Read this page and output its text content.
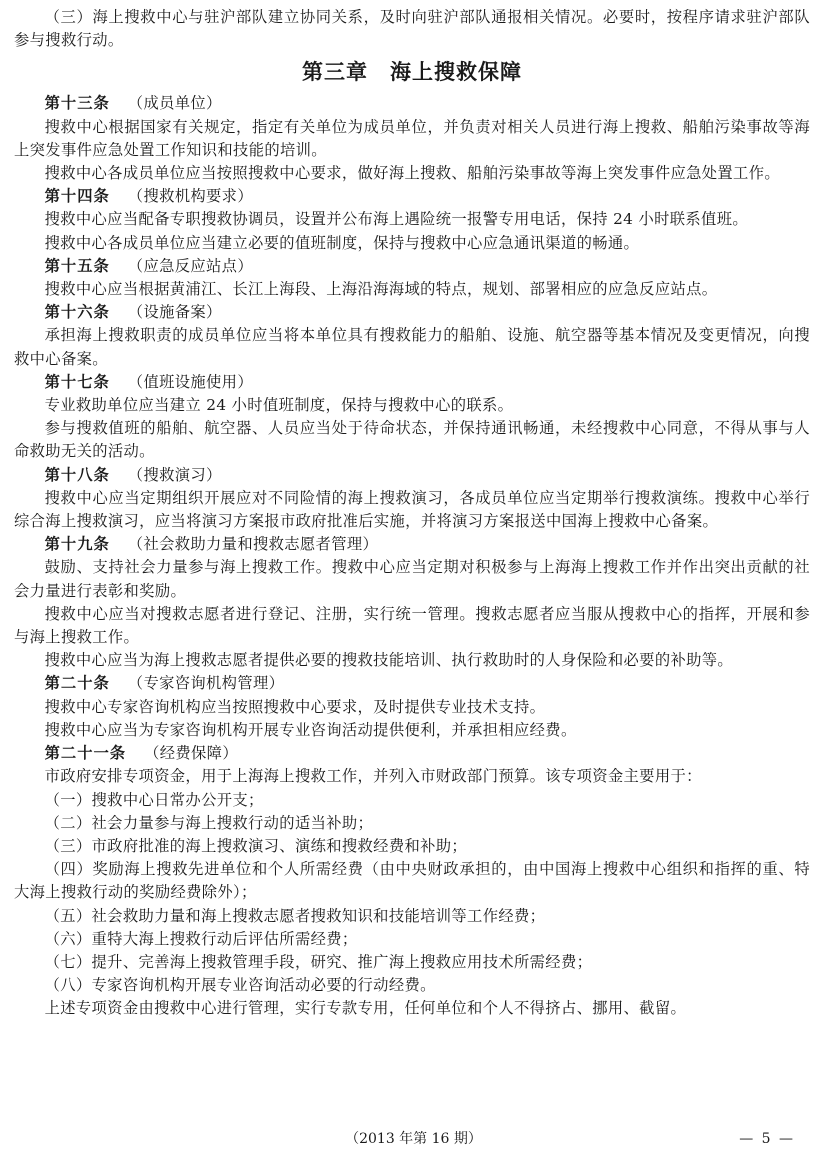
（三）海上搜救中心与驻沪部队建立协同关系，及时向驻沪部队通报相关情况。必要时，按程序请求驻沪部队参与搜救行动。

第三章 海上搜救保障

第十三条 （成员单位）

搜救中心根据国家有关规定，指定有关单位为成员单位，并负责对相关人员进行海上搜救、船舶污染事故等海上突发事件应急处置工作知识和技能的培训。

搜救中心各成员单位应当按照搜救中心要求，做好海上搜救、船舶污染事故等海上突发事件应急处置工作。

第十四条 （搜救机构要求）

搜救中心应当配备专职搜救协调员，设置并公布海上遇险统一报警专用电话，保持 24 小时联系值班。

搜救中心各成员单位应当建立必要的值班制度，保持与搜救中心应急通讯渠道的畅通。

第十五条 （应急反应站点）

搜救中心应当根据黄浦江、长江上海段、上海沿海海域的特点，规划、部署相应的应急反应站点。

第十六条 （设施备案）

承担海上搜救职责的成员单位应当将本单位具有搜救能力的船舶、设施、航空器等基本情况及变更情况，向搜救中心备案。

第十七条 （值班设施使用）

专业救助单位应当建立 24 小时值班制度，保持与搜救中心的联系。

参与搜救值班的船舶、航空器、人员应当处于待命状态，并保持通讯畅通，未经搜救中心同意，不得从事与人命救助无关的活动。

第十八条 （搜救演习）

搜救中心应当定期组织开展应对不同险情的海上搜救演习，各成员单位应当定期举行搜救演练。搜救中心举行综合海上搜救演习，应当将演习方案报市政府批准后实施，并将演习方案报送中国海上搜救中心备案。

第十九条 （社会救助力量和搜救志愿者管理）

鼓励、支持社会力量参与海上搜救工作。搜救中心应当定期对积极参与上海海上搜救工作并作出突出贡献的社会力量进行表彰和奖励。

搜救中心应当对搜救志愿者进行登记、注册，实行统一管理。搜救志愿者应当服从搜救中心的指挥，开展和参与海上搜救工作。

搜救中心应当为海上搜救志愿者提供必要的搜救技能培训、执行救助时的人身保险和必要的补助等。

第二十条 （专家咨询机构管理）

搜救中心专家咨询机构应当按照搜救中心要求，及时提供专业技术支持。

搜救中心应当为专家咨询机构开展专业咨询活动提供便利，并承担相应经费。

第二十一条 （经费保障）

市政府安排专项资金，用于上海海上搜救工作，并列入市财政部门预算。该专项资金主要用于：

（一）搜救中心日常办公开支；

（二）社会力量参与海上搜救行动的适当补助；

（三）市政府批准的海上搜救演习、演练和搜救经费和补助；

（四）奖励海上搜救先进单位和个人所需经费（由中央财政承担的，由中国海上搜救中心组织和指挥的重、特大海上搜救行动的奖励经费除外）；

（五）社会救助力量和海上搜救志愿者搜救知识和技能培训等工作经费；

（六）重特大海上搜救行动后评估所需经费；

（七）提升、完善海上搜救管理手段，研究、推广海上搜救应用技术所需经费；

（八）专家咨询机构开展专业咨询活动必要的行动经费。

上述专项资金由搜救中心进行管理，实行专款专用，任何单位和个人不得挤占、挪用、截留。

（2013 年第 16 期）	— 5 —
